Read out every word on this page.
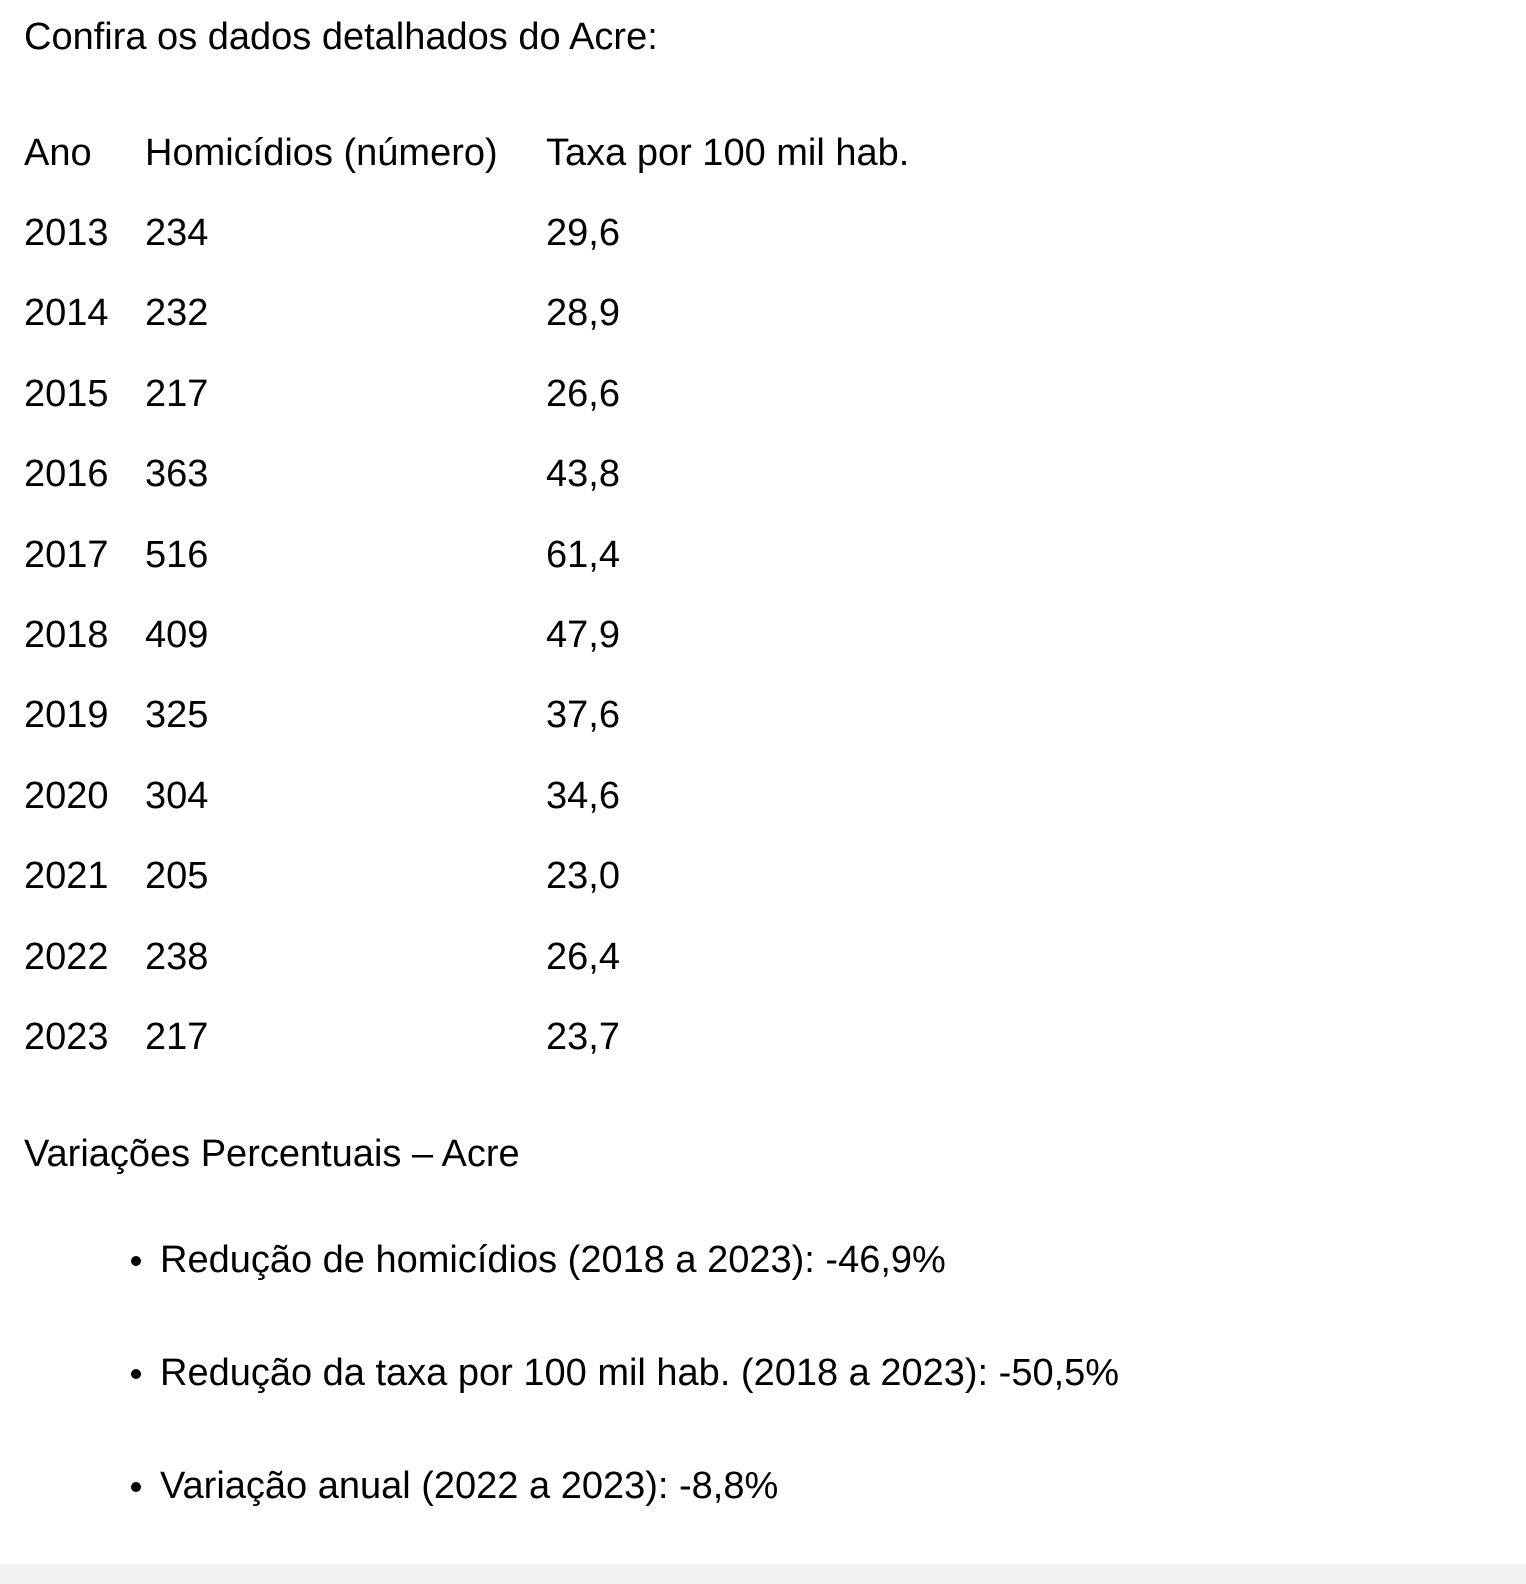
Confira os dados detalhados do Acre:

Ano	Homicídios (número)	Taxa por 100 mil hab.
2013	234	29,6
2014	232	28,9
2015	217	26,6
2016	363	43,8
2017	516	61,4
2018	409	47,9
2019	325	37,6
2020	304	34,6
2021	205	23,0
2022	238	26,4
2023	217	23,7

Variações Percentuais – Acre

Redução de homicídios (2018 a 2023): -46,9%
Redução da taxa por 100 mil hab. (2018 a 2023): -50,5%
Variação anual (2022 a 2023): -8,8%
